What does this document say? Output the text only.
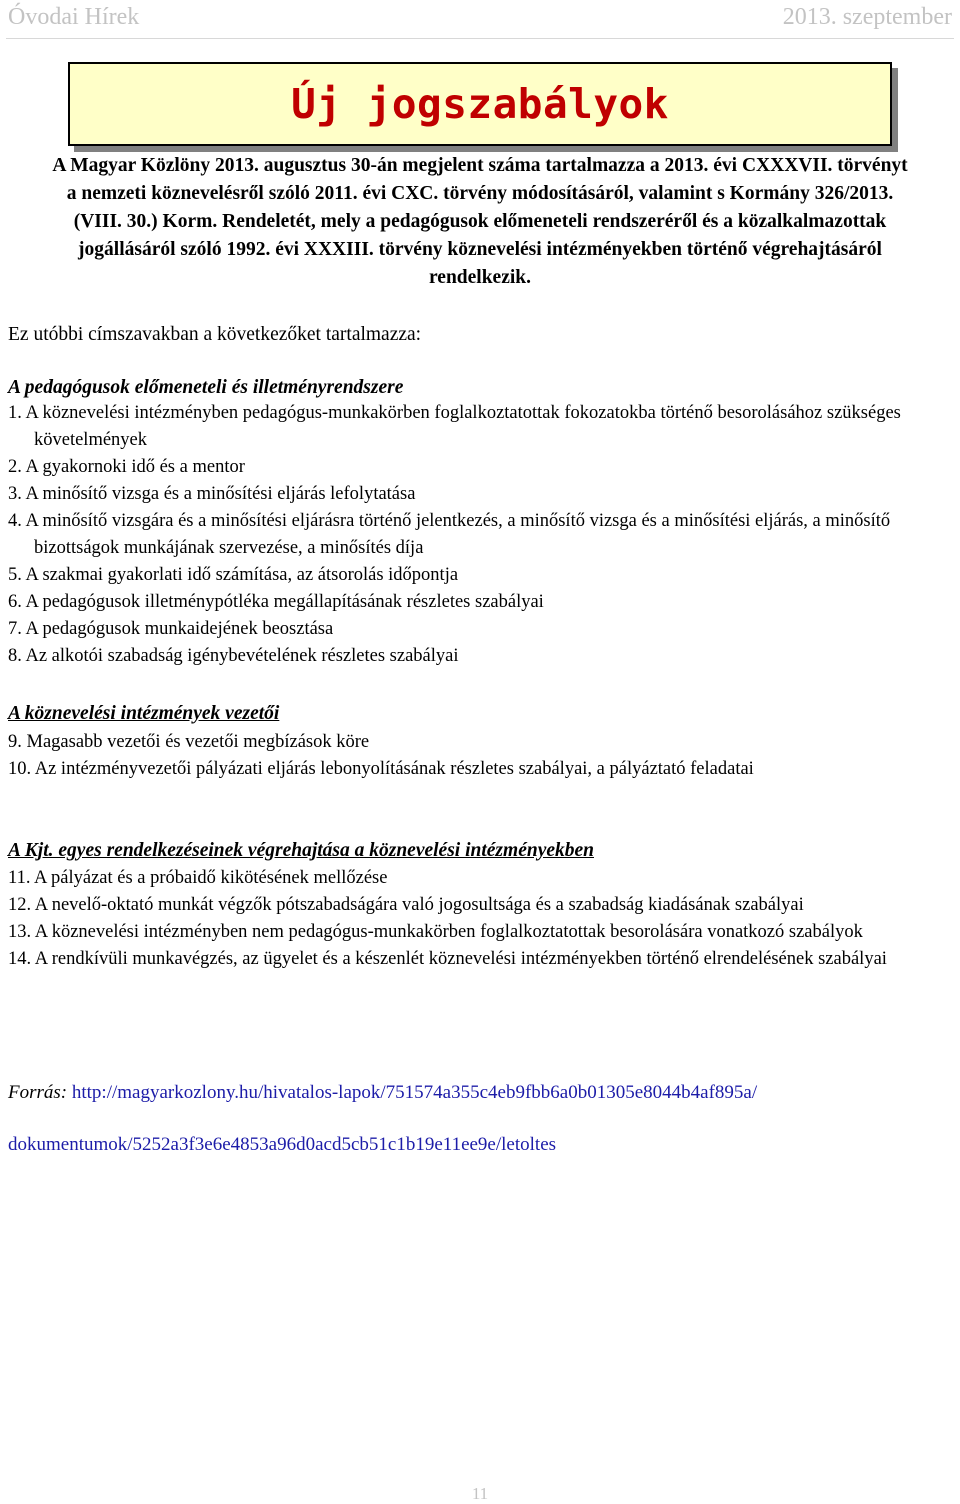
Óvodai Hírek	2013. szeptember
Új jogszabályok
A Magyar Közlöny 2013. augusztus 30-án megjelent száma tartalmazza a 2013. évi CXXXVII. törvényt a nemzeti köznevelésről szóló 2011. évi CXC. törvény módosításáról, valamint s Kormány 326/2013. (VIII. 30.) Korm. Rendeletét, mely a pedagógusok előmeneteli rendszeréről és a közalkalmazottak jogállásáról szóló 1992. évi XXXIII. törvény köznevelési intézményekben történő végrehajtásáról rendelkezik.
Ez utóbbi címszavakban a következőket tartalmazza:
A pedagógusok előmeneteli és illetményrendszere
1. A köznevelési intézményben pedagógus-munkakörben foglalkoztatottak fokozatokba történő besorolásához szükséges követelmények
2. A gyakornoki idő és a mentor
3. A minősítő vizsga és a minősítési eljárás lefolytatása
4. A minősítő vizsgára és a minősítési eljárásra történő jelentkezés, a minősítő vizsga és a minősítési eljárás, a minősítő bizottságok munkájának szervezése, a minősítés díja
5. A szakmai gyakorlati idő számítása, az átsorolás időpontja
6. A pedagógusok illetménypótléka megállapításának részletes szabályai
7. A pedagógusok munkaidejének beosztása
8. Az alkotói szabadság igénybevételének részletes szabályai
A köznevelési intézmények vezetői
9. Magasabb vezetői és vezetői megbízások köre
10. Az intézményvezetői pályázati eljárás lebonyolításának részletes szabályai, a pályáztató feladatai
A Kjt. egyes rendelkezéseinek végrehajtása a köznevelési intézményekben
11. A pályázat és a próbaidő kikötésének mellőzése
12. A nevelő-oktató munkát végzők pótszabadságára való jogosultsága és a szabadság kiadásának szabályai
13. A köznevelési intézményben nem pedagógus-munkakörben foglalkoztatottak besorolására vonatkozó szabályok
14. A rendkívüli munkavégzés, az ügyelet és a készenlét köznevelési intézményekben történő elrendelésének szabályai
Forrás: http://magyarkozlony.hu/hivatalos-lapok/751574a355c4eb9fbb6a0b01305e8044b4af895a/
dokumentumok/5252a3f3e6e4853a96d0acd5cb51c1b19e11ee9e/letoltes
11
